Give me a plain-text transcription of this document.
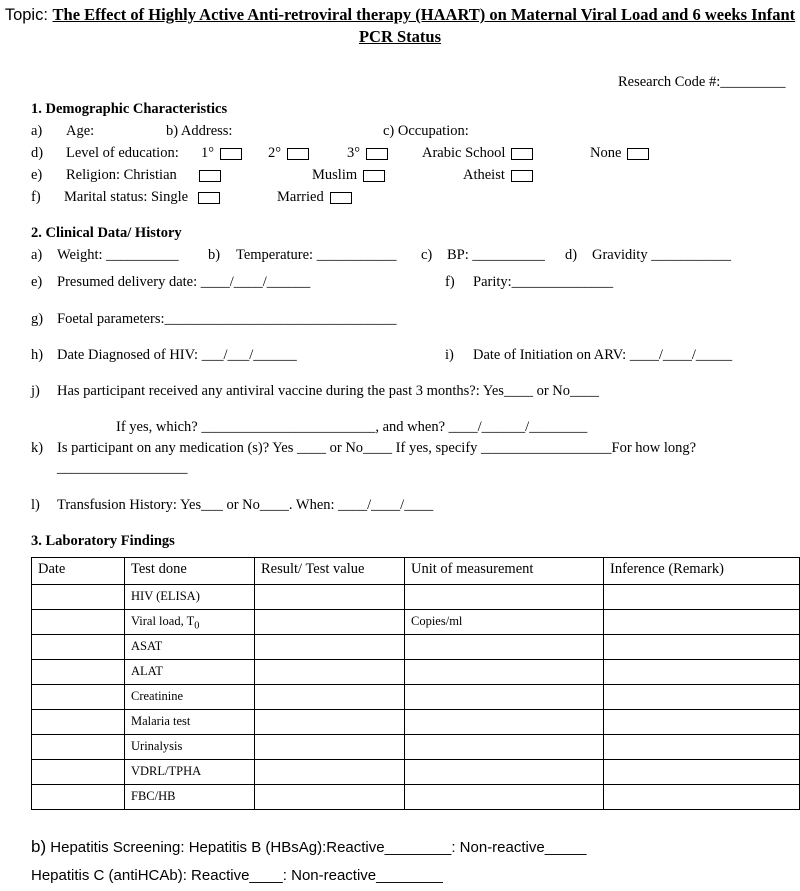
Topic: The Effect of Highly Active Anti-retroviral therapy (HAART) on Maternal Viral Load and 6 weeks Infant PCR Status
Research Code #:_________
1. Demographic Characteristics
a) Age:	b) Address:	c) Occupation:
d) Level of education: 1°	2°	3°	Arabic School	None
e) Religion: Christian	Muslim	Atheist
f) Marital status: Single	Married
2. Clinical Data/ History
a) Weight: __________ b) Temperature: ___________ c) BP: __________ d) Gravidity ___________
e) Presumed delivery date: ____/____/______	f) Parity:______________
g) Foetal parameters:________________________________
h) Date Diagnosed of HIV: ___/___/______	i) Date of Initiation on ARV: ____/____/_____
j) Has participant received any antiviral vaccine during the past 3 months?: Yes____ or No____
If yes, which? ________________________, and when? ____/______/________
k) Is participant on any medication (s)? Yes ____ or No____ If yes, specify __________________For how long?
__________________
l) Transfusion History: Yes___ or No____. When: ____/____/____
3. Laboratory Findings
Date	Test done	Result/ Test value	Unit of measurement	Inference (Remark)
	HIV (ELISA)			
	Viral load, $T_0$		Copies/ml	
	ASAT			
	ALAT			
	Creatinine			
	Malaria test			
	Urinalysis			
	VDRL/TPHA			
	FBC/HB			
b) Hepatitis Screening: Hepatitis B (HBsAg):Reactive________: Non-reactive_____
Hepatitis C (antiHCAb): Reactive____: Non-reactive________
